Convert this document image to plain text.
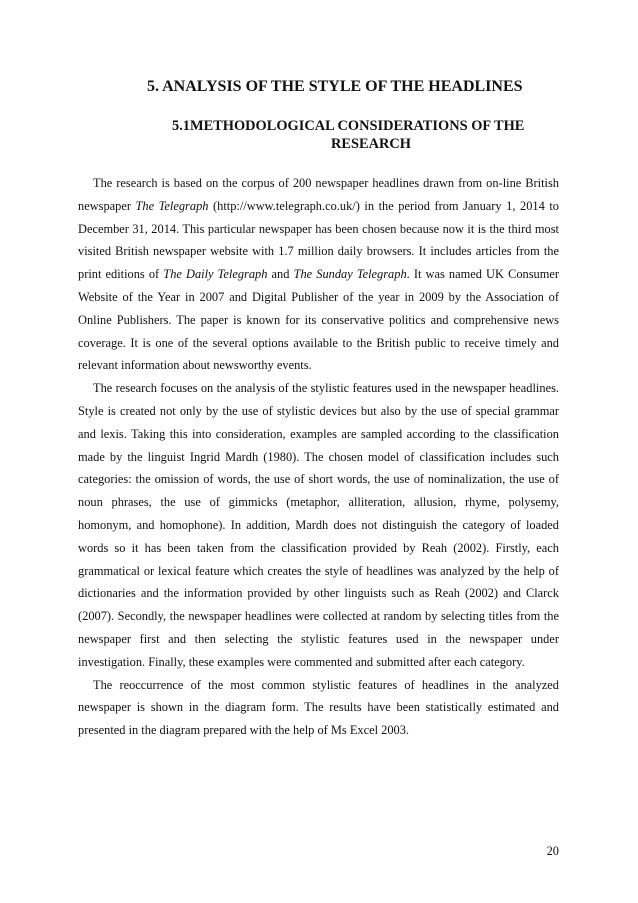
5. ANALYSIS OF THE STYLE OF THE HEADLINES
5.1METHODOLOGICAL CONSIDERATIONS OF THE
RESEARCH

The research is based on the corpus of 200 newspaper headlines drawn from on-line British newspaper The Telegraph (http://www.telegraph.co.uk/) in the period from January 1, 2014 to December 31, 2014. This particular newspaper has been chosen because now it is the third most visited British newspaper website with 1.7 million daily browsers. It includes articles from the print editions of The Daily Telegraph and The Sunday Telegraph. It was named UK Consumer Website of the Year in 2007 and Digital Publisher of the year in 2009 by the Association of Online Publishers. The paper is known for its conservative politics and comprehensive news coverage. It is one of the several options available to the British public to receive timely and relevant information about newsworthy events.

The research focuses on the analysis of the stylistic features used in the newspaper headlines. Style is created not only by the use of stylistic devices but also by the use of special grammar and lexis. Taking this into consideration, examples are sampled according to the classification made by the linguist Ingrid Mardh (1980). The chosen model of classification includes such categories: the omission of words, the use of short words, the use of nominalization, the use of noun phrases, the use of gimmicks (metaphor, alliteration, allusion, rhyme, polysemy, homonym, and homophone). In addition, Mardh does not distinguish the category of loaded words so it has been taken from the classification provided by Reah (2002). Firstly, each grammatical or lexical feature which creates the style of headlines was analyzed by the help of dictionaries and the information provided by other linguists such as Reah (2002) and Clarck (2007). Secondly, the newspaper headlines were collected at random by selecting titles from the newspaper first and then selecting the stylistic features used in the newspaper under investigation. Finally, these examples were commented and submitted after each category.

The reoccurrence of the most common stylistic features of headlines in the analyzed newspaper is shown in the diagram form. The results have been statistically estimated and presented in the diagram prepared with the help of Ms Excel 2003.

20
